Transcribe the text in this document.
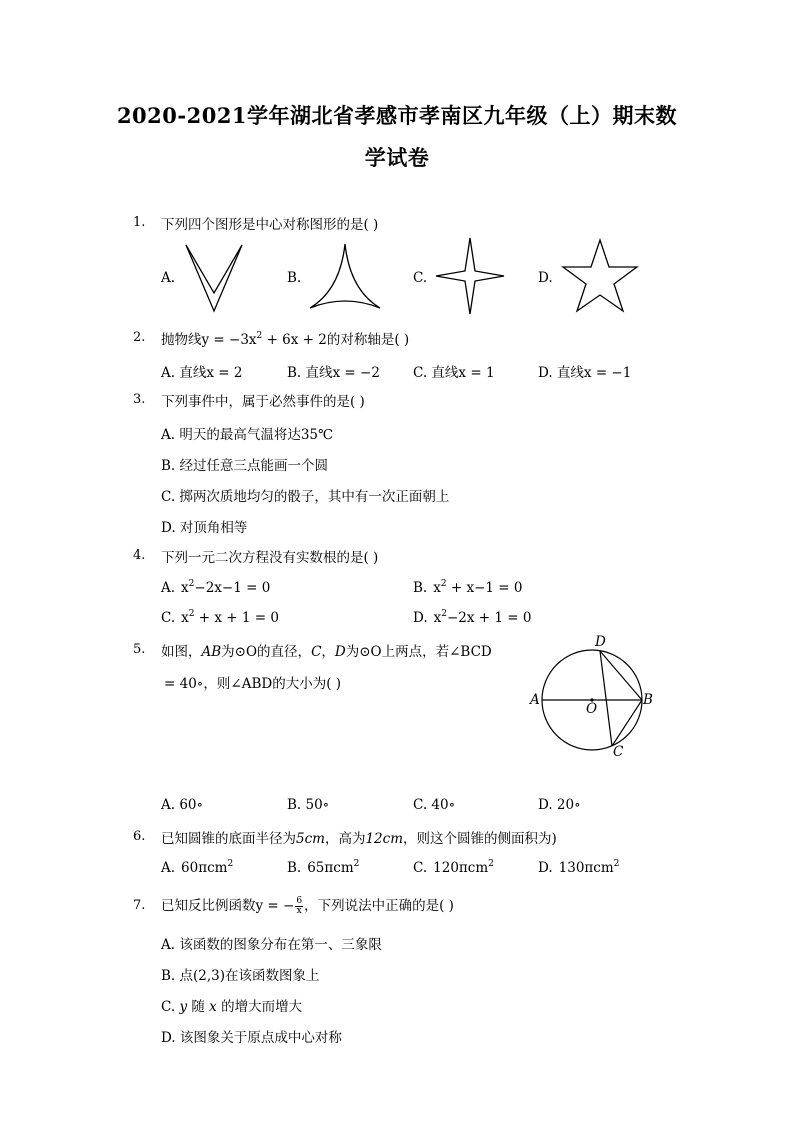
2020-2021学年湖北省孝感市孝南区九年级（上）期末数
学试卷
1. 下列四个图形是中心对称图形的是( )
A.	B.	C.	D.
2. 抛物线$y = -3x^2 + 6x + 2$的对称轴是( )
A. 直线x = 2	B. 直线x = −2 C. 直线x = 1	D. 直线x = −1
3. 下列事件中，属于必然事件的是( )
A. 明天的最高气温将达35℃
B. 经过任意三点能画一个圆
C. 掷两次质地均匀的骰子，其中有一次正面朝上
D. 对顶角相等
4. 下列一元二次方程没有实数根的是( )
A. $x^2-2x-1 = 0$	B. $x^2 + x-1 = 0$
C. $x^2 + x + 1 = 0$	D. $x^2-2x + 1 = 0$
5. 如图，AB为⊙O的直径，C，D为⊙O上两点，若∠BCD
= 40∘，则∠ABD的大小为( )
A	B
C
D
O
A. 60∘	B. 50∘	C. 40∘	D. 20∘
6. 已知圆锥的底面半径为5cm，高为12cm，则这个圆锥的侧面积为)
A. 60πcm$^2$	B. 65πcm$^2$	C. 120πcm$^2$	D. 130πcm$^2$
7. 已知反比例函数y = − $\frac{6}{x}$ ，下列说法中正确的是( )
A. 该函数的图象分布在第一、三象限
B. 点(2,3)在该函数图象上
C. y 随 x 的增大而增大
D. 该图象关于原点成中心对称
